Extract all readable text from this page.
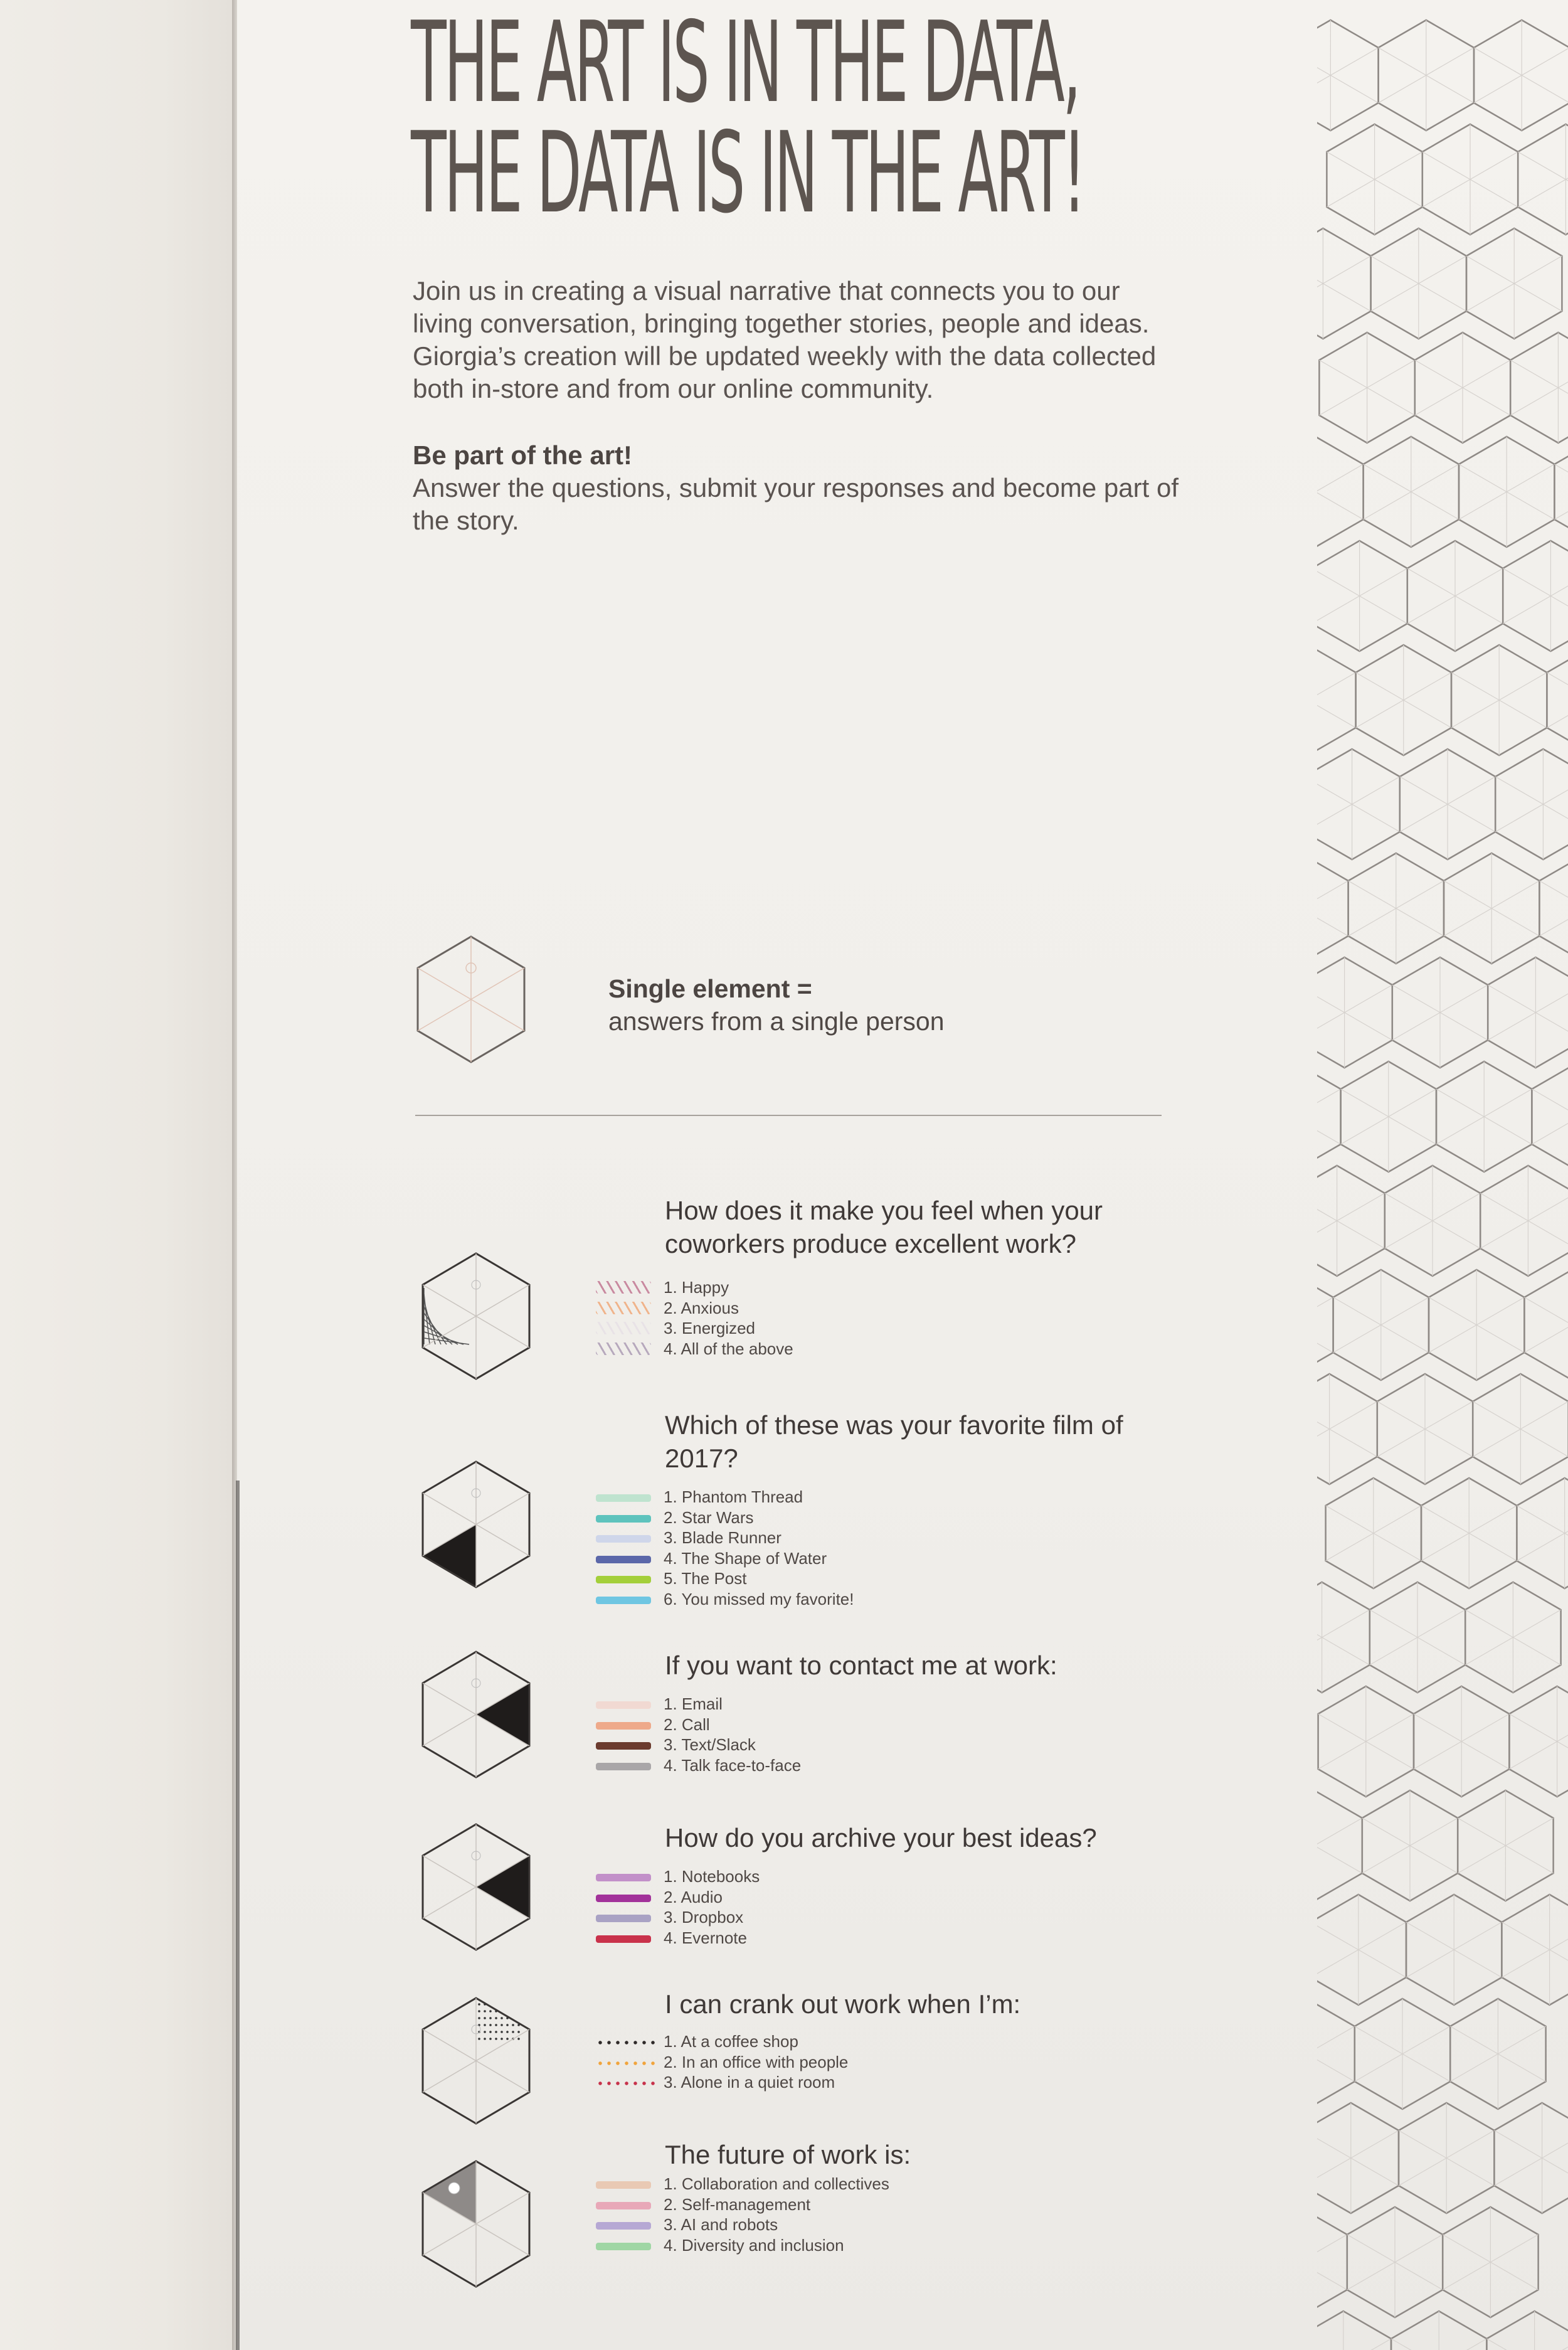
THE ART IS IN THE DATA,
THE DATA IS IN THE ART!
Join us in creating a visual narrative that connects you to our living conversation, bringing together stories, people and ideas. Giorgia’s creation will be updated weekly with the data collected both in-store and from our online community.
Be part of the art!
Answer the questions, submit your responses and become part of the story.
Single element =
answers from a single person
How does it make you feel when your coworkers produce excellent work?
1. Happy
2. Anxious
3. Energized
4. All of the above
Which of these was your favorite film of 2017?
1. Phantom Thread
2. Star Wars
3. Blade Runner
4. The Shape of Water
5. The Post
6. You missed my favorite!
If you want to contact me at work:
1. Email
2. Call
3. Text/Slack
4. Talk face-to-face
How do you archive your best ideas?
1. Notebooks
2. Audio
3. Dropbox
4. Evernote
I can crank out work when I’m:
1. At a coffee shop
2. In an office with people
3. Alone in a quiet room
The future of work is:
1. Collaboration and collectives
2. Self-management
3. AI and robots
4. Diversity and inclusion
